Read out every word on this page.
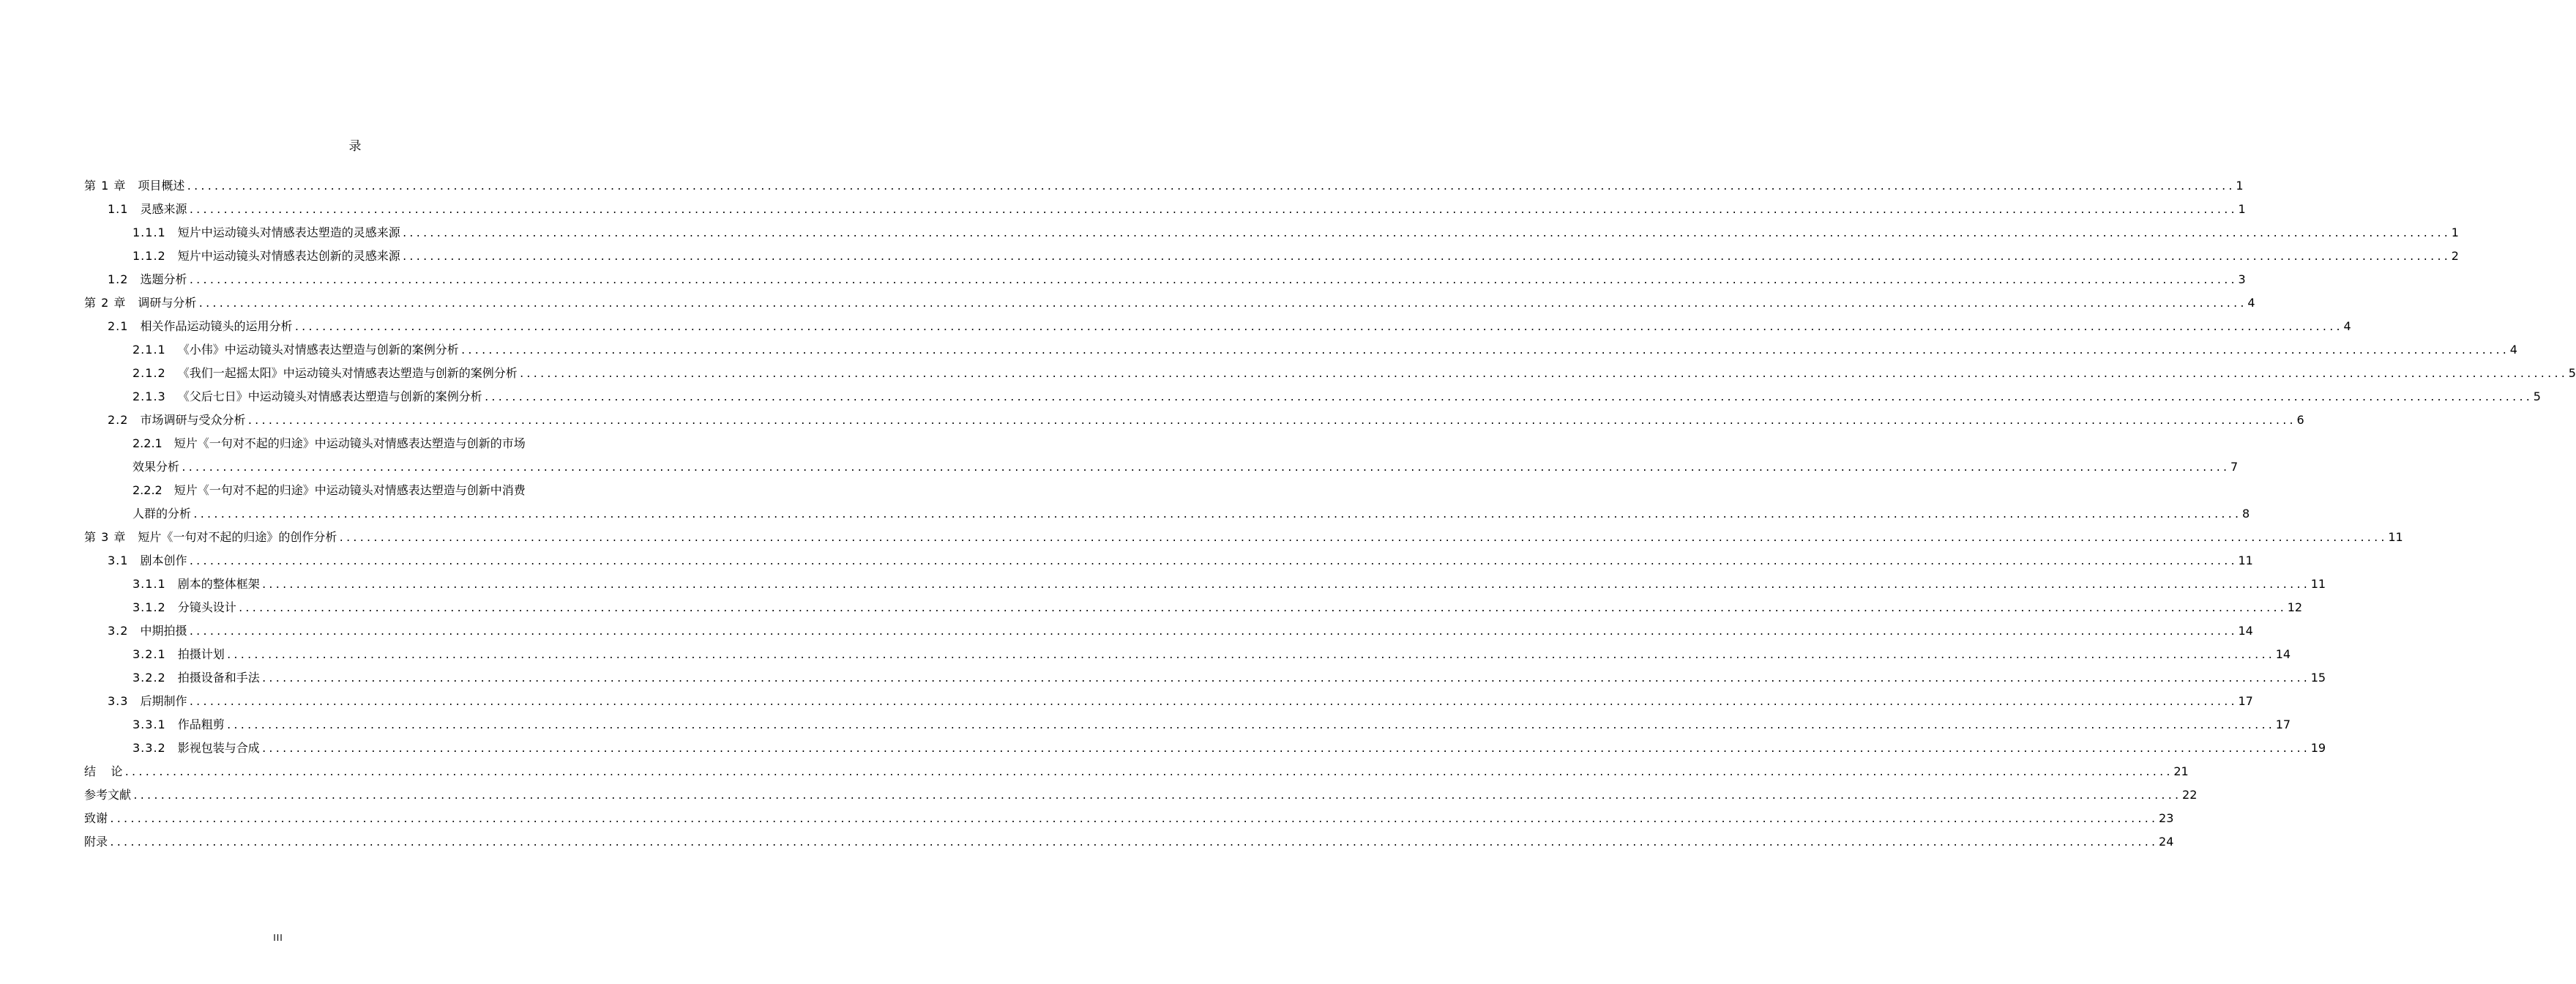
录
第 1 章 项目概述 ............................................................................................................................................................................................................................................................................................................ 1
1.1 灵感来源 ............................................................................................................................................................................................................................................................................................................ 1
1.1.1 短片中运动镜头对情感表达塑造的灵感来源 ............................................................................................................................................................................................................................................................................................................ 1
1.1.2 短片中运动镜头对情感表达创新的灵感来源 ............................................................................................................................................................................................................................................................................................................ 2
1.2 选题分析 ............................................................................................................................................................................................................................................................................................................ 3
第 2 章 调研与分析 ............................................................................................................................................................................................................................................................................................................ 4
2.1 相关作品运动镜头的运用分析 ............................................................................................................................................................................................................................................................................................................ 4
2.1.1 《小伟》中运动镜头对情感表达塑造与创新的案例分析 ............................................................................................................................................................................................................................................................................................................ 4
2.1.2 《我们一起摇太阳》中运动镜头对情感表达塑造与创新的案例分析 ............................................................................................................................................................................................................................................................................................................ 5
2.1.3 《父后七日》中运动镜头对情感表达塑造与创新的案例分析 ............................................................................................................................................................................................................................................................................................................ 5
2.2 市场调研与受众分析 ............................................................................................................................................................................................................................................................................................................ 6
2.2.1 短片《一句对不起的归途》中运动镜头对情感表达塑造与创新的市场
效果分析 ............................................................................................................................................................................................................................................................................................................ 7
2.2.2 短片《一句对不起的归途》中运动镜头对情感表达塑造与创新中消费
人群的分析 ............................................................................................................................................................................................................................................................................................................ 8
第 3 章 短片《一句对不起的归途》的创作分析 ............................................................................................................................................................................................................................................................................................................ 11
3.1 剧本创作 ............................................................................................................................................................................................................................................................................................................ 11
3.1.1 剧本的整体框架 ............................................................................................................................................................................................................................................................................................................ 11
3.1.2 分镜头设计 ............................................................................................................................................................................................................................................................................................................ 12
3.2 中期拍摄 ............................................................................................................................................................................................................................................................................................................ 14
3.2.1 拍摄计划 ............................................................................................................................................................................................................................................................................................................ 14
3.2.2 拍摄设备和手法 ............................................................................................................................................................................................................................................................................................................ 15
3.3 后期制作 ............................................................................................................................................................................................................................................................................................................ 17
3.3.1 作品粗剪 ............................................................................................................................................................................................................................................................................................................ 17
3.3.2 影视包装与合成 ............................................................................................................................................................................................................................................................................................................ 19
结    论 ............................................................................................................................................................................................................................................................................................................ 21
参考文献 ............................................................................................................................................................................................................................................................................................................ 22
致谢 ............................................................................................................................................................................................................................................................................................................ 23
附录 ............................................................................................................................................................................................................................................................................................................ 24
III
